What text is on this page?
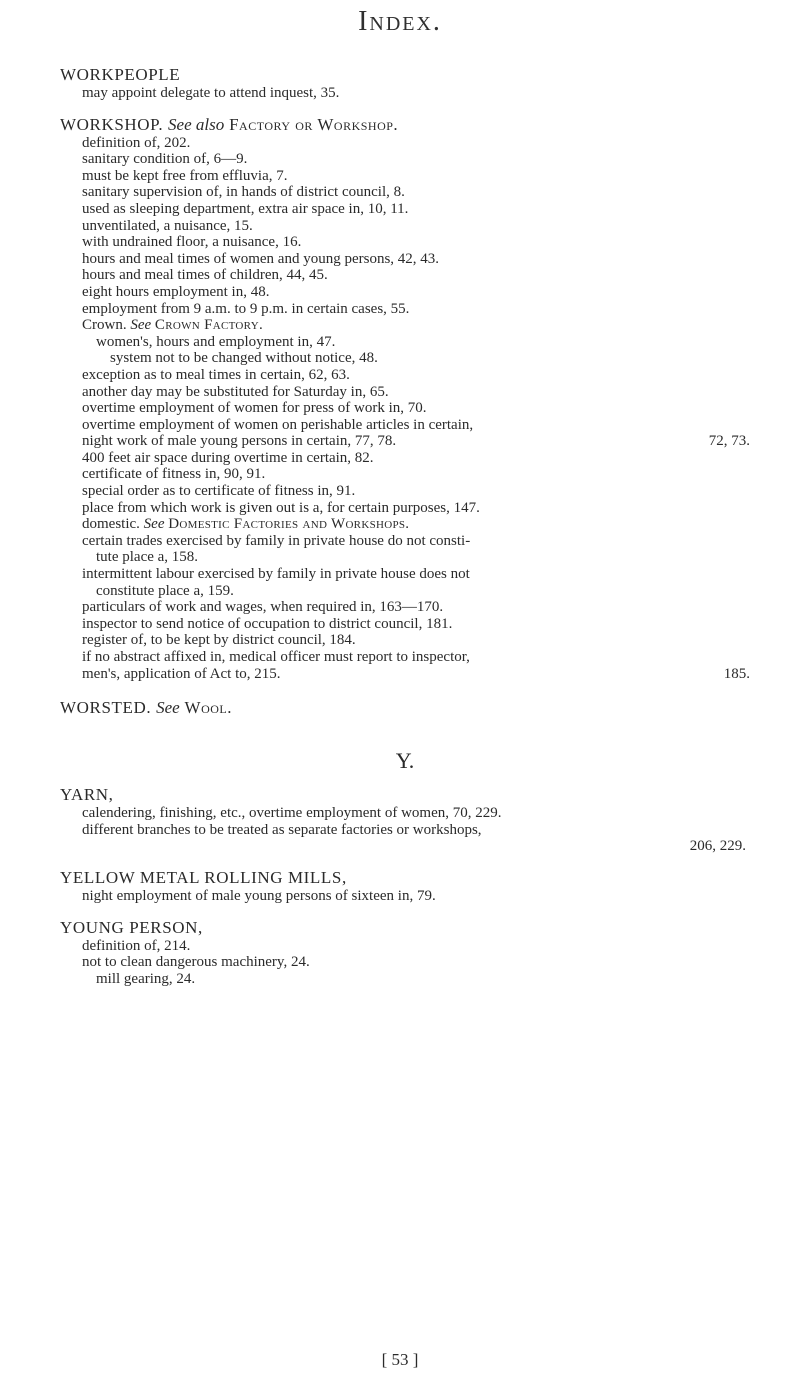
Index.
WORKPEOPLE
may appoint delegate to attend inquest, 35.
WORKSHOP. See also Factory or Workshop.
definition of, 202.
sanitary condition of, 6—9.
must be kept free from effluvia, 7.
sanitary supervision of, in hands of district council, 8.
used as sleeping department, extra air space in, 10, 11.
unventilated, a nuisance, 15.
with undrained floor, a nuisance, 16.
hours and meal times of women and young persons, 42, 43.
hours and meal times of children, 44, 45.
eight hours employment in, 48.
employment from 9 a.m. to 9 p.m. in certain cases, 55.
Crown. See Crown Factory.
women's, hours and employment in, 47.
system not to be changed without notice, 48.
exception as to meal times in certain, 62, 63.
another day may be substituted for Saturday in, 65.
overtime employment of women for press of work in, 70.
overtime employment of women on perishable articles in certain,
night work of male young persons in certain, 77, 78.	72, 73.
400 feet air space during overtime in certain, 82.
certificate of fitness in, 90, 91.
special order as to certificate of fitness in, 91.
place from which work is given out is a, for certain purposes, 147.
domestic. See Domestic Factories and Workshops.
certain trades exercised by family in private house do not consti-
tute place a, 158.
intermittent labour exercised by family in private house does not
constitute place a, 159.
particulars of work and wages, when required in, 163—170.
inspector to send notice of occupation to district council, 181.
register of, to be kept by district council, 184.
if no abstract affixed in, medical officer must report to inspector,
men's, application of Act to, 215.	185.
WORSTED. See Wool.
Y.
YARN,
calendering, finishing, etc., overtime employment of women, 70, 229.
different branches to be treated as separate factories or workshops,
206, 229.
YELLOW METAL ROLLING MILLS,
night employment of male young persons of sixteen in, 79.
YOUNG PERSON,
definition of, 214.
not to clean dangerous machinery, 24.
mill gearing, 24.
[ 53 ]
